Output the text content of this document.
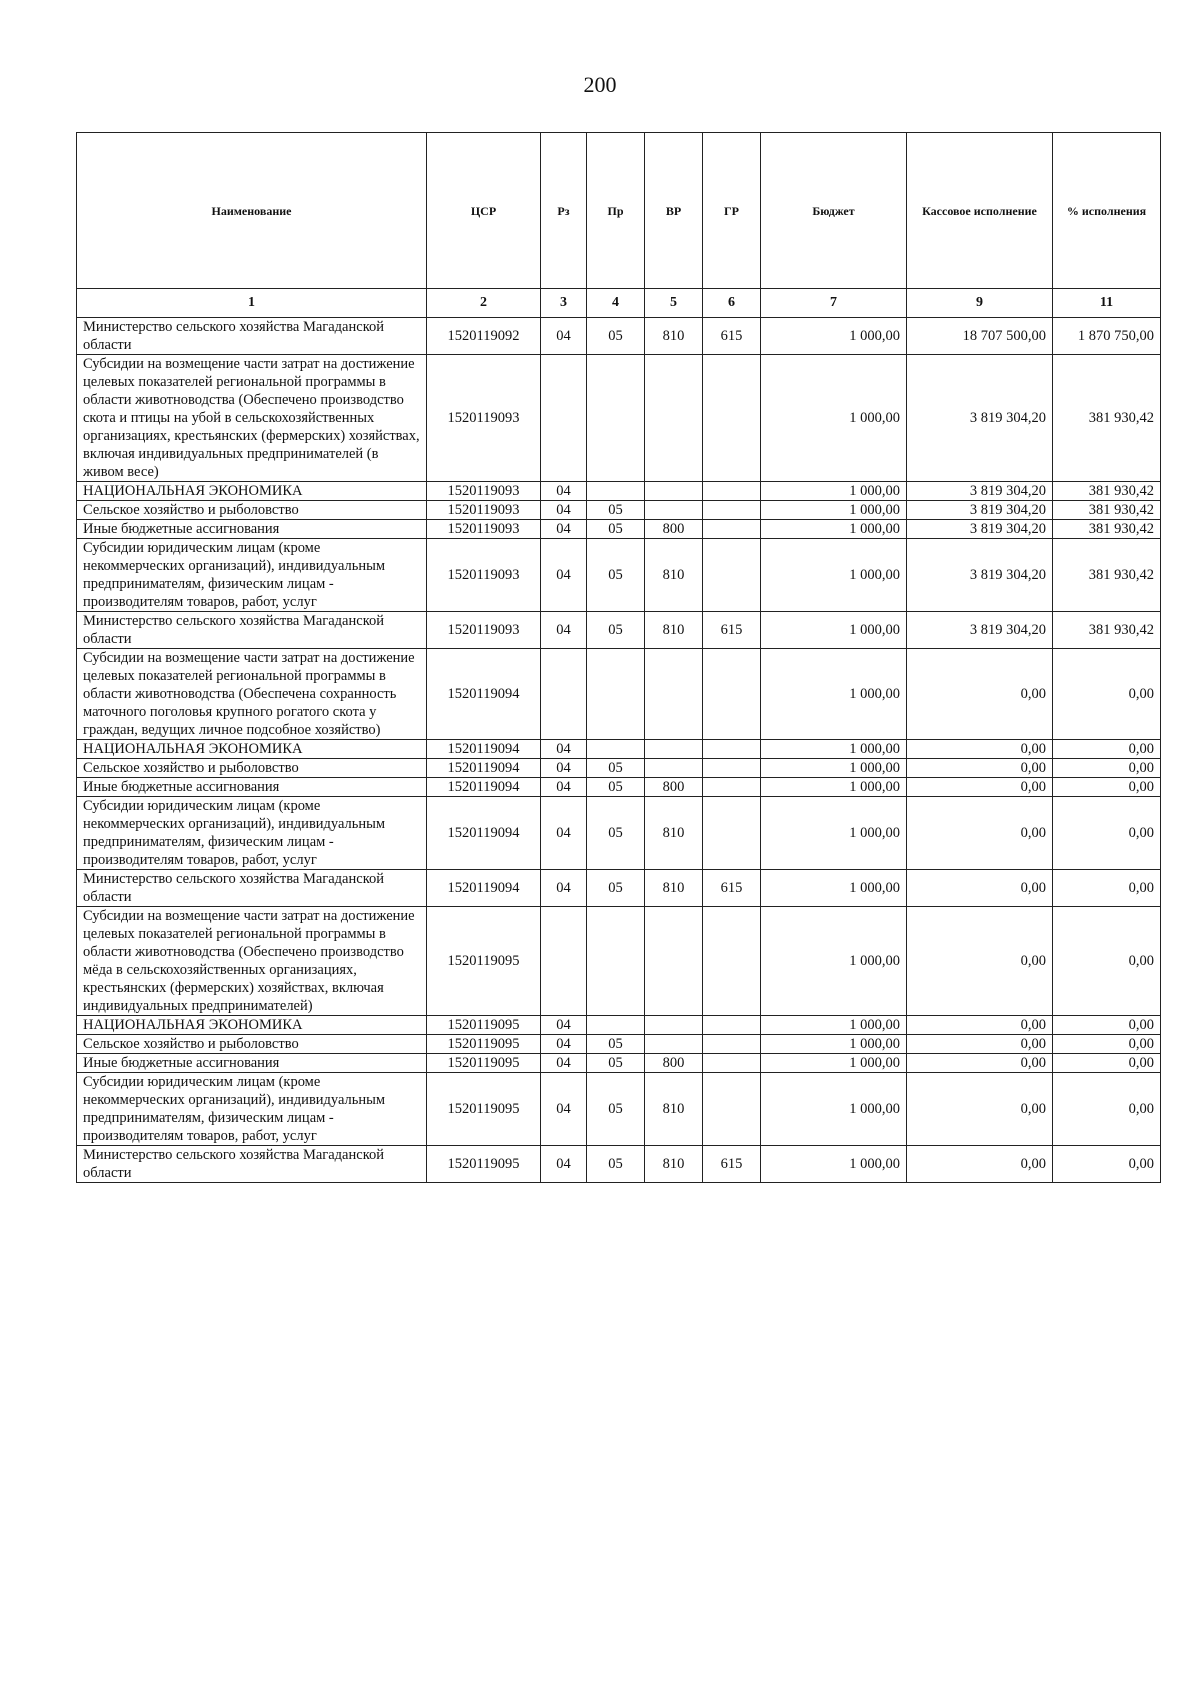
200
Наименование	ЦСР	Рз	Пр	ВР	ГР	Бюджет	Кассовое исполнение	% исполнения
1	2	3	4	5	6	7	9	11
Министерство сельского хозяйства Магаданской области	1520119092	04	05	810	615	1 000,00	18 707 500,00	1 870 750,00
Субсидии на возмещение части затрат на достижение целевых показателей региональной программы в области животноводства (Обеспечено производство скота и птицы на убой в сельскохозяйственных организациях, крестьянских (фермерских) хозяйствах, включая индивидуальных предпринимателей (в живом весе)	1520119093					1 000,00	3 819 304,20	381 930,42
НАЦИОНАЛЬНАЯ ЭКОНОМИКА	1520119093	04				1 000,00	3 819 304,20	381 930,42
Сельское хозяйство и рыболовство	1520119093	04	05			1 000,00	3 819 304,20	381 930,42
Иные бюджетные ассигнования	1520119093	04	05	800		1 000,00	3 819 304,20	381 930,42
Субсидии юридическим лицам (кроме некоммерческих организаций), индивидуальным предпринимателям, физическим лицам - производителям товаров, работ, услуг	1520119093	04	05	810		1 000,00	3 819 304,20	381 930,42
Министерство сельского хозяйства Магаданской области	1520119093	04	05	810	615	1 000,00	3 819 304,20	381 930,42
Субсидии на возмещение части затрат на достижение целевых показателей региональной программы в области животноводства (Обеспечена сохранность маточного поголовья крупного рогатого скота у граждан, ведущих личное подсобное хозяйство)	1520119094					1 000,00	0,00	0,00
НАЦИОНАЛЬНАЯ ЭКОНОМИКА	1520119094	04				1 000,00	0,00	0,00
Сельское хозяйство и рыболовство	1520119094	04	05			1 000,00	0,00	0,00
Иные бюджетные ассигнования	1520119094	04	05	800		1 000,00	0,00	0,00
Субсидии юридическим лицам (кроме некоммерческих организаций), индивидуальным предпринимателям, физическим лицам - производителям товаров, работ, услуг	1520119094	04	05	810		1 000,00	0,00	0,00
Министерство сельского хозяйства Магаданской области	1520119094	04	05	810	615	1 000,00	0,00	0,00
Субсидии на возмещение части затрат на достижение целевых показателей региональной программы в области животноводства (Обеспечено производство мёда в сельскохозяйственных организациях, крестьянских (фермерских) хозяйствах, включая индивидуальных предпринимателей)	1520119095					1 000,00	0,00	0,00
НАЦИОНАЛЬНАЯ ЭКОНОМИКА	1520119095	04				1 000,00	0,00	0,00
Сельское хозяйство и рыболовство	1520119095	04	05			1 000,00	0,00	0,00
Иные бюджетные ассигнования	1520119095	04	05	800		1 000,00	0,00	0,00
Субсидии юридическим лицам (кроме некоммерческих организаций), индивидуальным предпринимателям, физическим лицам - производителям товаров, работ, услуг	1520119095	04	05	810		1 000,00	0,00	0,00
Министерство сельского хозяйства Магаданской области	1520119095	04	05	810	615	1 000,00	0,00	0,00
